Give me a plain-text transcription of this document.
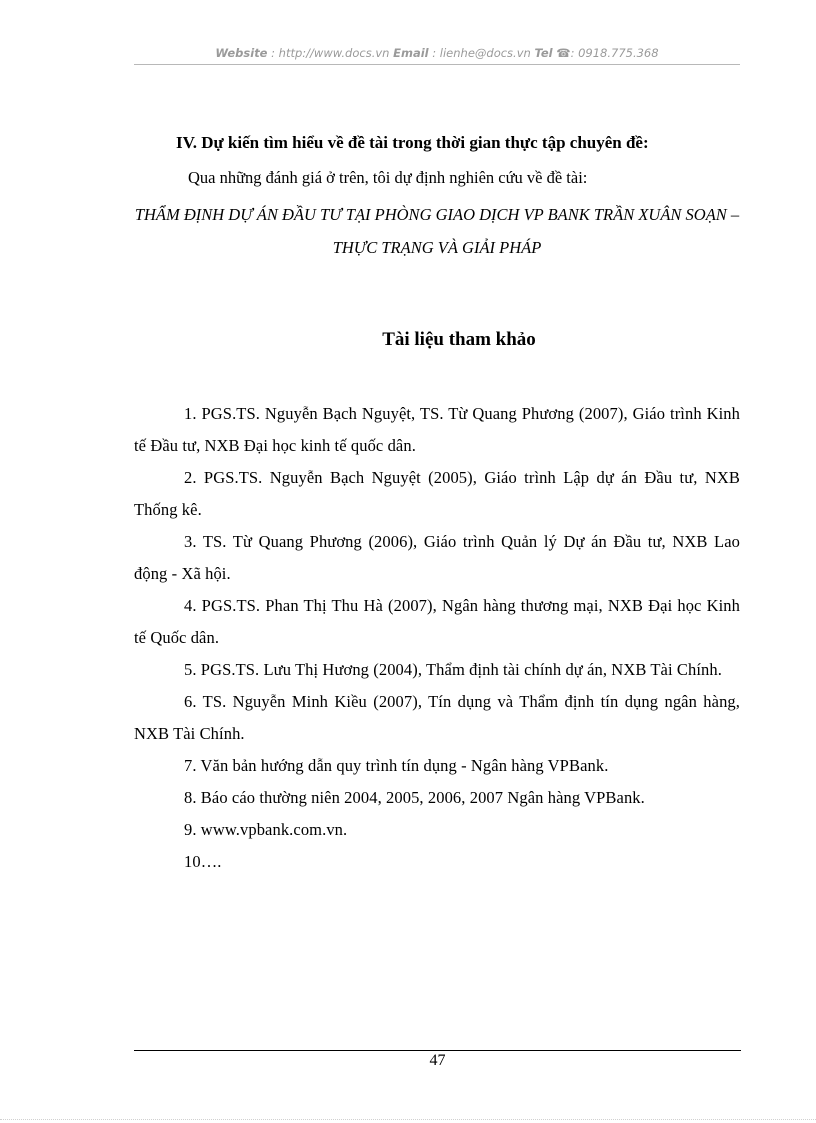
Website : http://www.docs.vn Email : lienhe@docs.vn Tel ☎: 0918.775.368
IV. Dự kiến tìm hiểu về đề tài trong thời gian thực tập chuyên đề:
Qua những đánh giá ở trên, tôi dự định nghiên cứu về đề tài:
THẨM ĐỊNH DỰ ÁN ĐẦU TƯ TẠI PHÒNG GIAO DỊCH VP BANK TRẦN XUÂN SOẠN – THỰC TRẠNG VÀ GIẢI PHÁP
Tài liệu tham khảo

1. PGS.TS. Nguyễn Bạch Nguyệt, TS. Từ Quang Phương (2007), Giáo trình Kinh tế Đầu tư, NXB Đại học kinh tế quốc dân.

2. PGS.TS. Nguyễn Bạch Nguyệt (2005), Giáo trình Lập dự án Đầu tư, NXB Thống kê.

3. TS. Từ Quang Phương (2006), Giáo trình Quản lý Dự án Đầu tư, NXB Lao động - Xã hội.

4. PGS.TS. Phan Thị Thu Hà (2007), Ngân hàng thương mại, NXB Đại học Kinh tế Quốc dân.

5. PGS.TS. Lưu Thị Hương (2004), Thẩm định tài chính dự án, NXB Tài Chính.

6. TS. Nguyễn Minh Kiều (2007), Tín dụng và Thẩm định tín dụng ngân hàng, NXB Tài Chính.

7. Văn bản hướng dẫn quy trình tín dụng - Ngân hàng VPBank.

8. Báo cáo thường niên 2004, 2005, 2006, 2007 Ngân hàng VPBank.

9. www.vpbank.com.vn.

10….

47
